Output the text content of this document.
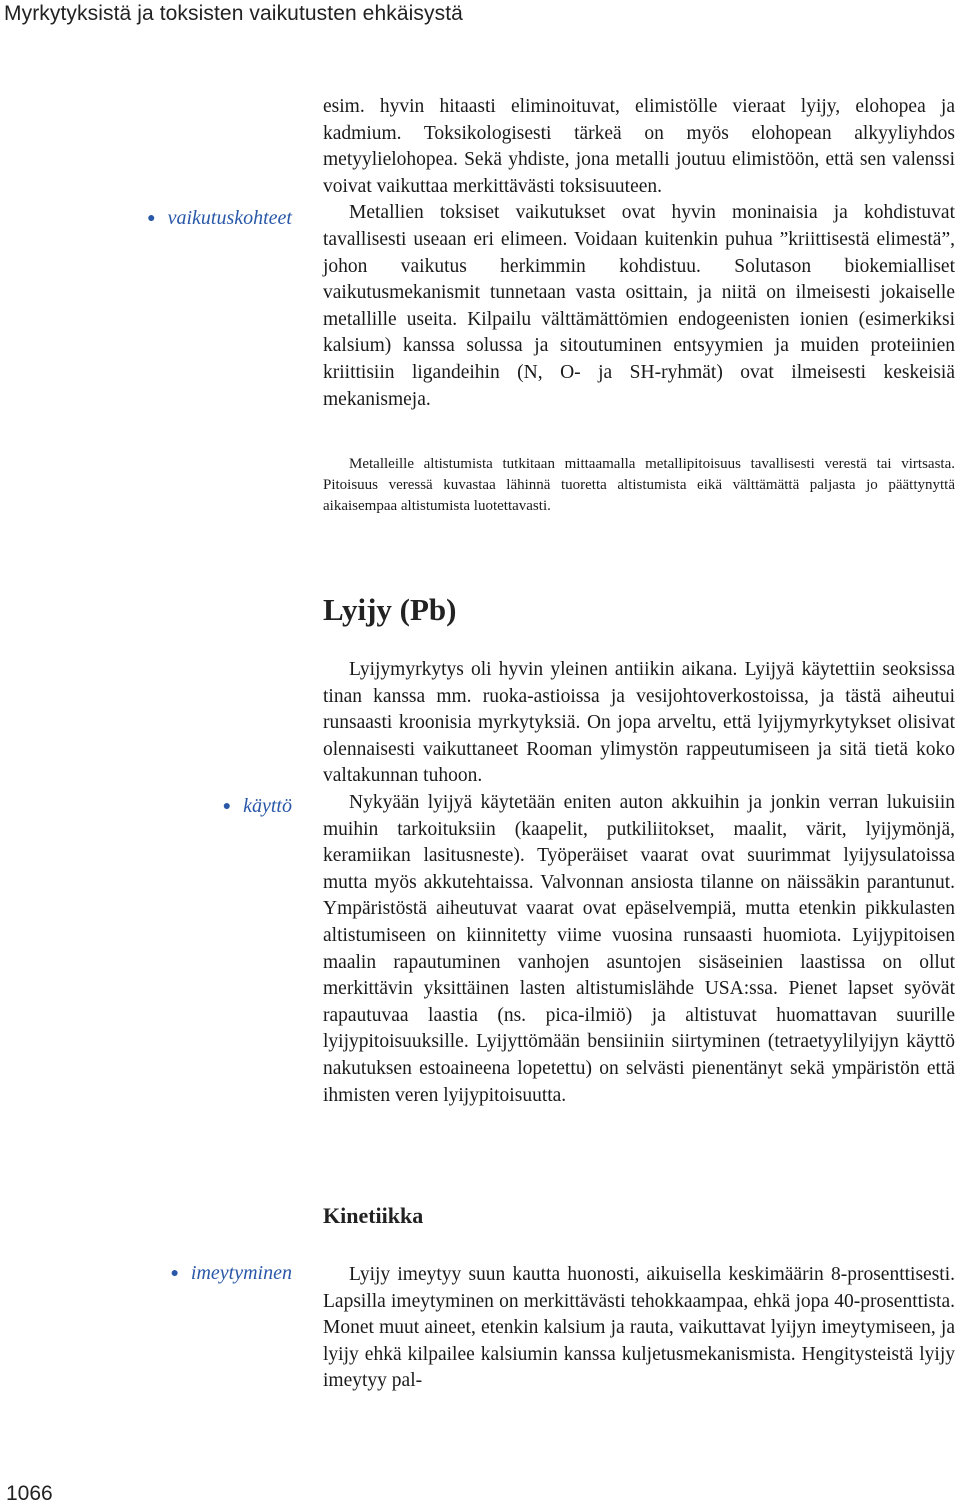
Myrkytyksistä ja toksisten vaikutusten ehkäisystä

esim. hyvin hitaasti eliminoituvat, elimistölle vieraat lyijy, elohopea ja kadmium. Toksikologisesti tärkeä on myös elohopean alkyyliyhdos metyylielohopea. Sekä yhdiste, jona metalli joutuu elimistöön, että sen valenssi voivat vaikuttaa merkittävästi toksisuuteen.

Metallien toksiset vaikutukset ovat hyvin moninaisia ja kohdistuvat tavallisesti useaan eri elimeen. Voidaan kuitenkin puhua ”kriittisestä elimestä”, johon vaikutus herkimmin kohdistuu. Solutason biokemialliset vaikutusmekanismit tunnetaan vasta osittain, ja niitä on ilmeisesti jokaiselle metallille useita. Kilpailu välttämättömien endogeenisten ionien (esimerkiksi kalsium) kanssa solussa ja sitoutuminen entsyymien ja muiden proteiinien kriittisiin ligandeihin (N, O- ja SH-ryhmät) ovat ilmeisesti keskeisiä mekanismeja.

● vaikutuskohteet

Metalleille altistumista tutkitaan mittaamalla metallipitoisuus tavallisesti verestä tai virtsasta. Pitoisuus veressä kuvastaa lähinnä tuoretta altistumista eikä välttämättä paljasta jo päättynyttä aikaisempaa altistumista luotettavasti.

Lyijy (Pb)

Lyijymyrkytys oli hyvin yleinen antiikin aikana. Lyijyä käytettiin seoksissa tinan kanssa mm. ruoka-astioissa ja vesijohtoverkostoissa, ja tästä aiheutui runsaasti kroonisia myrkytyksiä. On jopa arveltu, että lyijymyrkytykset olisivat olennaisesti vaikuttaneet Rooman ylimystön rappeutumiseen ja sitä tietä koko valtakunnan tuhoon.

Nykyään lyijyä käytetään eniten auton akkuihin ja jonkin verran lukuisiin muihin tarkoituksiin (kaapelit, putkiliitokset, maalit, värit, lyijymönjä, keramiikan lasitusneste). Työperäiset vaarat ovat suurimmat lyijysulatoissa mutta myös akkutehtaissa. Valvonnan ansiosta tilanne on näissäkin parantunut. Ympäristöstä aiheutuvat vaarat ovat epäselvempiä, mutta etenkin pikkulasten altistumiseen on kiinnitetty viime vuosina runsaasti huomiota. Lyijypitoisen maalin rapautuminen vanhojen asuntojen sisäseinien laastissa on ollut merkittävin yksittäinen lasten altistumislähde USA:ssa. Pienet lapset syövät rapautuvaa laastia (ns. pica-ilmiö) ja altistuvat huomattavan suurille lyijypitoisuuksille. Lyijyttömään bensiiniin siirtyminen (tetraetyylilyijyn käyttö nakutuksen estoaineena lopetettu) on selvästi pienentänyt sekä ympäristön että ihmisten veren lyijypitoisuutta.

● käyttö
Kinetiikka

Lyijy imeytyy suun kautta huonosti, aikuisella keskimäärin 8-prosenttisesti. Lapsilla imeytyminen on merkittävästi tehokkaampaa, ehkä jopa 40-prosenttista. Monet muut aineet, etenkin kalsium ja rauta, vaikuttavat lyijyn imeytymiseen, ja lyijy ehkä kilpailee kalsiumin kanssa kuljetusmekanismista. Hengitysteistä lyijy imeytyy pal-

● imeytyminen
1066
